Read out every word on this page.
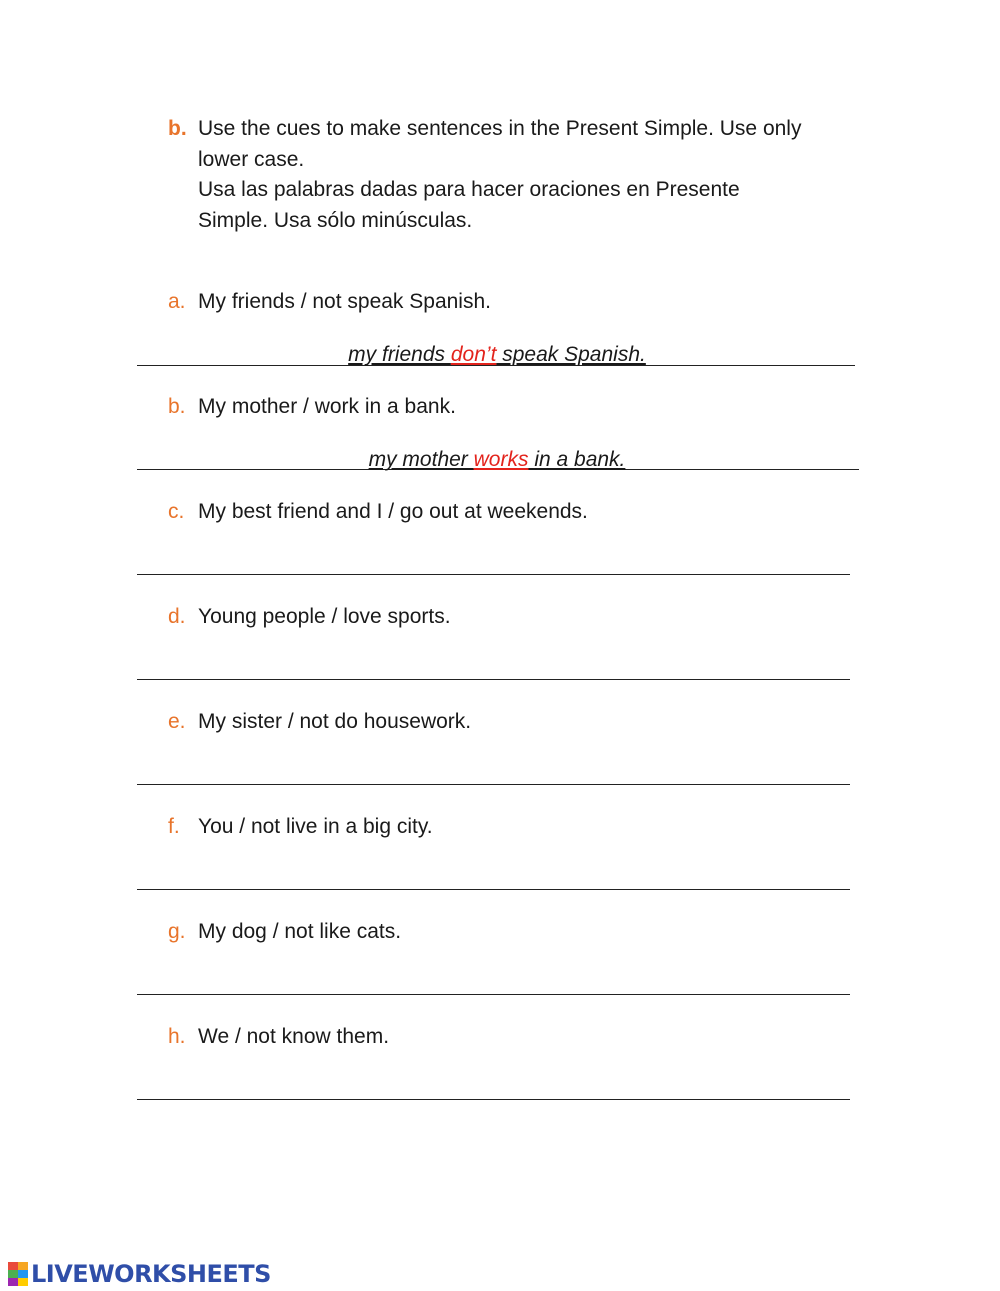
b. Use the cues to make sentences in the Present Simple. Use only
lower case.
Usa las palabras dadas para hacer oraciones en Presente
Simple. Usa sólo minúsculas.
a. My friends / not speak Spanish.
my friends don’t speak Spanish.
b. My mother / work in a bank.
my mother works in a bank.
c. My best friend and I / go out at weekends.
d. Young people / love sports.
e. My sister / not do housework.
f. You / not live in a big city.
g. My dog / not like cats.
h. We / not know them.
LIVEWORKSHEETS
